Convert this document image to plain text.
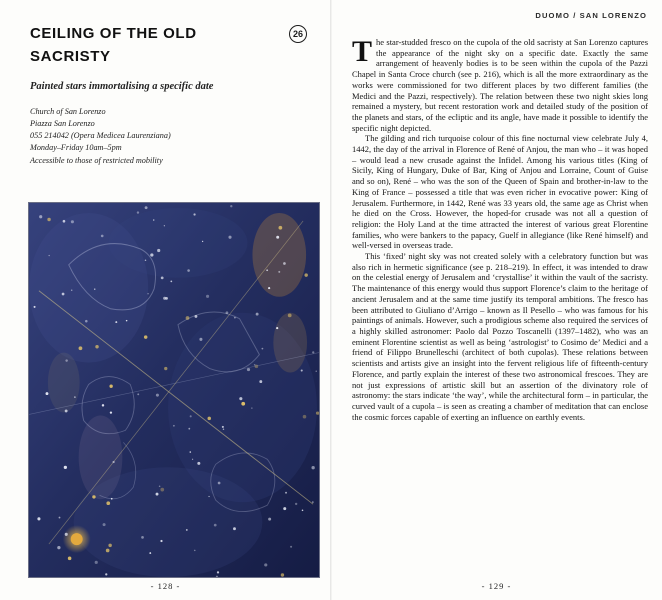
CEILING OF THE OLD
SACRISTY
Painted stars immortalising a specific date
Church of San Lorenzo
Piazza San Lorenzo
055 214042 (Opera Medicea Laurenziana)
Monday–Friday 10am–5pm
Accessible to those of restricted mobility
26
- 128 -
DUOMO / SAN LORENZO

The star-studded fresco on the cupola of the old sacristy at San Lorenzo captures the appearance of the night sky on a specific date. Exactly the same arrangement of heavenly bodies is to be seen within the cupola of the Pazzi Chapel in Santa Croce church (see p. 216), which is all the more extraordinary as the works were commissioned for two different places by two different families (the Medici and the Pazzi, respectively). The relation between these two night skies long remained a mystery, but recent restoration work and detailed study of the position of the planets and stars, of the ecliptic and its angle, have made it possible to identify the specific night depicted.

The gilding and rich turquoise colour of this fine nocturnal view celebrate July 4, 1442, the day of the arrival in Florence of René of Anjou, the man who – it was hoped – would lead a new crusade against the Infidel. Among his various titles (King of Sicily, King of Hungary, Duke of Bar, King of Anjou and Lorraine, Count of Guise and so on), René – who was the son of the Queen of Spain and brother-in-law to the King of France – possessed a title that was even richer in evocative power: King of Jerusalem. Furthermore, in 1442, René was 33 years old, the same age as Christ when he died on the Cross. However, the hoped-for crusade was not all a question of religion: the Holy Land at the time attracted the interest of various great Florentine families, who were bankers to the papacy, Guelf in allegiance (like René himself) and well-versed in overseas trade.

This ‘fixed’ night sky was not created solely with a celebratory function but was also rich in hermetic significance (see p. 218–219). In effect, it was intended to draw on the celestial energy of Jerusalem and ‘crystallise’ it within the vault of the sacristy. The maintenance of this energy would thus support Florence’s claim to the heritage of ancient Jerusalem and at the same time justify its temporal ambitions. The fresco has been attributed to Giuliano d’Arrigo – known as Il Pesello – who was famous for his paintings of animals. However, such a prodigious scheme also required the services of a highly skilled astronomer: Paolo dal Pozzo Toscanelli (1397–1482), who was an eminent Florentine scientist as well as being ‘astrologist’ to Cosimo de’ Medici and a friend of Filippo Brunelleschi (architect of both cupolas). These relations between scientists and artists give an insight into the fervent religious life of fifteenth-century Florence, and partly explain the interest of these two astronomical frescoes. They are not just expressions of artistic skill but an assertion of the divinatory role of astronomy: the stars indicate ‘the way’, while the architectural form – in particular, the curved vault of a cupola – is seen as creating a chamber of meditation that can enclose the cosmic forces capable of exerting an influence on earthly events.

- 129 -
